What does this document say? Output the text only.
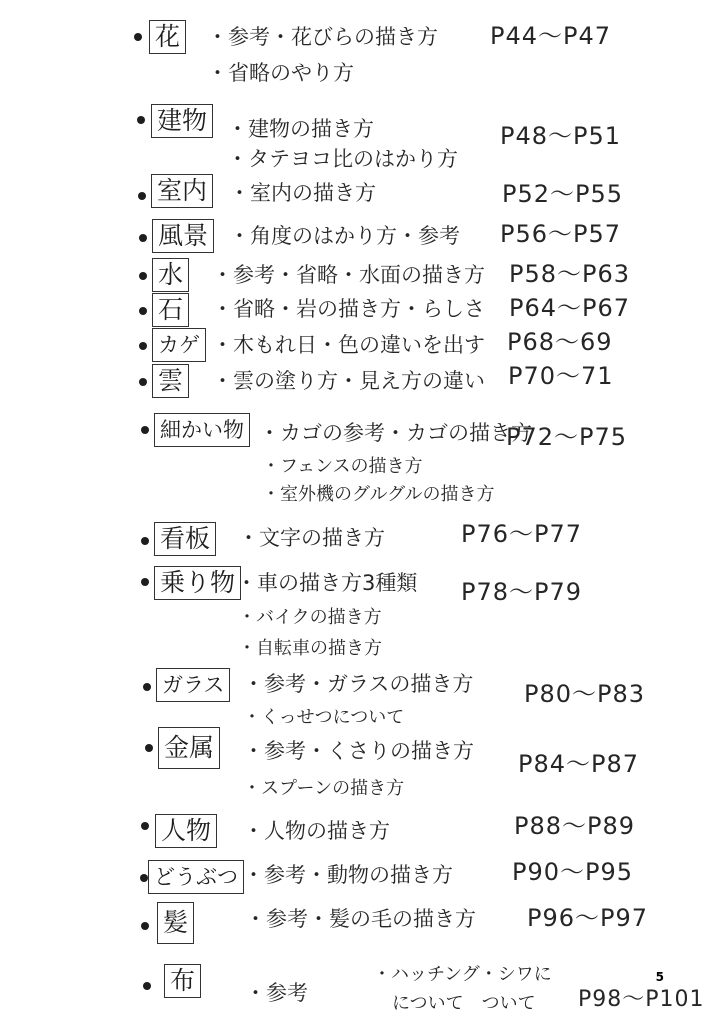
花 ・参考・花びらの描き方
・省略のやり方
P44〜P47
建物 ・建物の描き方
・タテヨコ比のはかり方
P48〜P51
室内 ・室内の描き方	P52〜P55
風景 ・角度のはかり方・参考 P56〜P57
水 ・参考・省略・水面の描き方 P58〜P63
石 ・省略・岩の描き方・らしさ P64〜P67
カゲ ・木もれ日・色の違いを出す P68〜69
雲 ・雲の塗り方・見え方の違い P70〜71
細かい物 ・カゴの参考・カゴの描き方
・フェンスの描き方
・室外機のグルグルの描き方
P72〜P75
看板 ・文字の描き方	P76〜P77
乗り物 ・車の描き方3種類
・バイクの描き方
・自転車の描き方
P78〜P79
ガラス ・参考・ガラスの描き方
・くっせつについて
P80〜P83
金属 ・参考・くさりの描き方
・スプーンの描き方
P84〜P87
人物 ・人物の描き方	P88〜P89
どうぶつ ・参考・動物の描き方 P90〜P95
髪	・参考・髪の毛の描き方 P96〜P97
布 ・参考
・ハッチング・シワに
について　ついて P98〜P101
5
